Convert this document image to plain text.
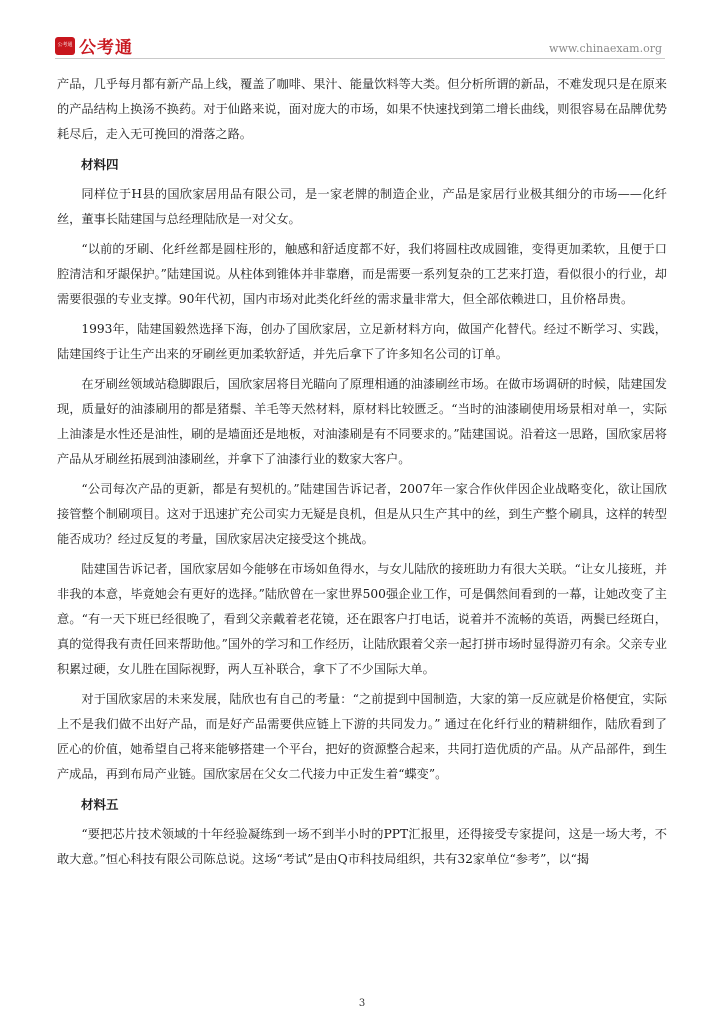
公考通 公考通	www.chinaexam.org

产品，几乎每月都有新产品上线，覆盖了咖啡、果汁、能量饮料等大类。但分析所谓的新品，不难发现只是在原来的产品结构上换汤不换药。对于仙路来说，面对庞大的市场，如果不快速找到第二增长曲线，则很容易在品牌优势耗尽后，走入无可挽回的滑落之路。

材料四

同样位于H县的国欣家居用品有限公司，是一家老牌的制造企业，产品是家居行业极其细分的市场——化纤丝，董事长陆建国与总经理陆欣是一对父女。

“以前的牙刷、化纤丝都是圆柱形的，触感和舒适度都不好，我们将圆柱改成圆锥，变得更加柔软，且便于口腔清洁和牙龈保护。”陆建国说。从柱体到锥体并非靠磨，而是需要一系列复杂的工艺来打造，看似很小的行业，却需要很强的专业支撑。90年代初，国内市场对此类化纤丝的需求量非常大，但全部依赖进口，且价格昂贵。

1993年，陆建国毅然选择下海，创办了国欣家居，立足新材料方向，做国产化替代。经过不断学习、实践，陆建国终于让生产出来的牙刷丝更加柔软舒适，并先后拿下了许多知名公司的订单。

在牙刷丝领域站稳脚跟后，国欣家居将目光瞄向了原理相通的油漆刷丝市场。在做市场调研的时候，陆建国发现，质量好的油漆刷用的都是猪鬃、羊毛等天然材料，原材料比较匮乏。“当时的油漆刷使用场景相对单一，实际上油漆是水性还是油性，刷的是墙面还是地板，对油漆刷是有不同要求的。”陆建国说。沿着这一思路，国欣家居将产品从牙刷丝拓展到油漆刷丝，并拿下了油漆行业的数家大客户。

“公司每次产品的更新，都是有契机的。”陆建国告诉记者，2007年一家合作伙伴因企业战略变化，欲让国欣接管整个制刷项目。这对于迅速扩充公司实力无疑是良机，但是从只生产其中的丝，到生产整个刷具，这样的转型能否成功？经过反复的考量，国欣家居决定接受这个挑战。

陆建国告诉记者，国欣家居如今能够在市场如鱼得水，与女儿陆欣的接班助力有很大关联。“让女儿接班，并非我的本意，毕竟她会有更好的选择。”陆欣曾在一家世界500强企业工作，可是偶然间看到的一幕，让她改变了主意。“有一天下班已经很晚了，看到父亲戴着老花镜，还在跟客户打电话，说着并不流畅的英语，两鬓已经斑白，真的觉得我有责任回来帮助他。”国外的学习和工作经历，让陆欣跟着父亲一起打拼市场时显得游刃有余。父亲专业积累过硬，女儿胜在国际视野，两人互补联合，拿下了不少国际大单。

对于国欣家居的未来发展，陆欣也有自己的考量：“之前提到中国制造，大家的第一反应就是价格便宜，实际上不是我们做不出好产品，而是好产品需要供应链上下游的共同发力。” 通过在化纤行业的精耕细作，陆欣看到了匠心的价值，她希望自己将来能够搭建一个平台，把好的资源整合起来，共同打造优质的产品。从产品部件，到生产成品，再到布局产业链。国欣家居在父女二代接力中正发生着“蝶变”。

材料五

“要把芯片技术领域的十年经验凝练到一场不到半小时的PPT汇报里，还得接受专家提问，这是一场大考，不敢大意。”恒心科技有限公司陈总说。这场“考试”是由Q市科技局组织，共有32家单位“参考”，以“揭

3
